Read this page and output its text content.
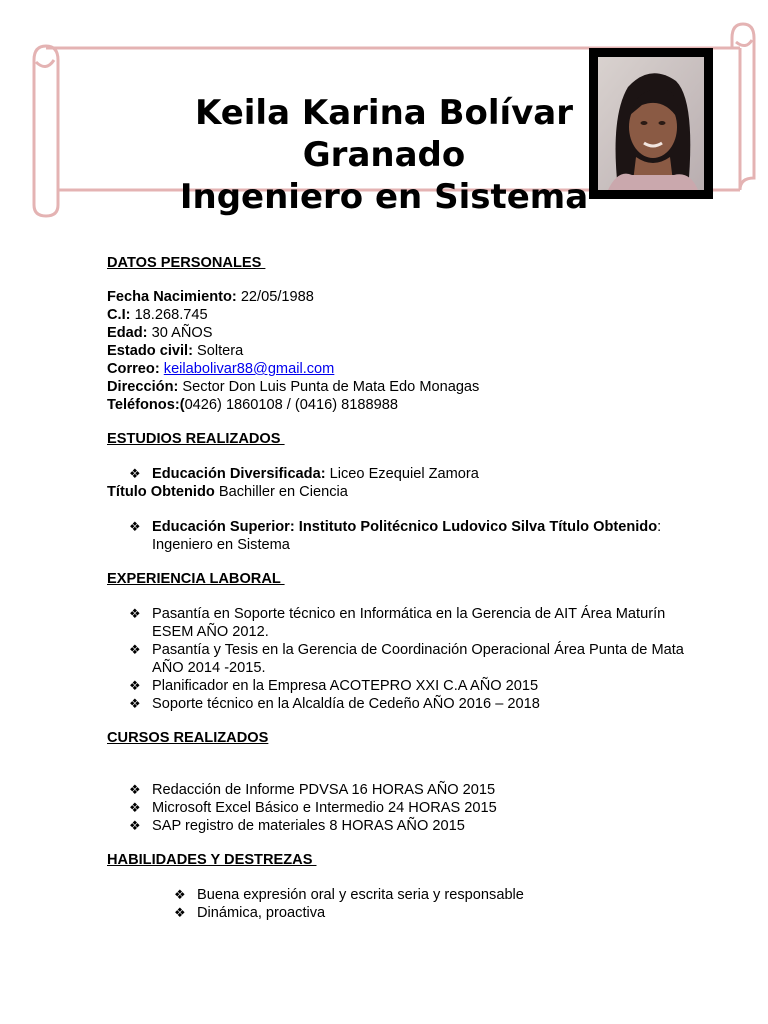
Keila Karina Bolívar
Granado
Ingeniero en Sistema
DATOS PERSONALES
Fecha Nacimiento: 22/05/1988
C.I: 18.268.745
Edad: 30 AÑOS
Estado civil: Soltera
Correo: keilabolivar88@gmail.com
Dirección: Sector Don Luis Punta de Mata Edo Monagas
Teléfonos:(0426) 1860108 / (0416) 8188988
ESTUDIOS REALIZADOS
❖ Educación Diversificada: Liceo Ezequiel Zamora
Título Obtenido Bachiller en Ciencia
❖ Educación Superior: Instituto Politécnico Ludovico Silva Título Obtenido: Ingeniero en Sistema
EXPERIENCIA LABORAL
❖ Pasantía en Soporte técnico en Informática en la Gerencia de AIT Área Maturín ESEM AÑO 2012.
❖ Pasantía y Tesis en la Gerencia de Coordinación Operacional Área Punta de Mata AÑO 2014 -2015.
❖ Planificador en la Empresa ACOTEPRO XXI C.A AÑO 2015
❖ Soporte técnico en la Alcaldía de Cedeño AÑO 2016 – 2018
CURSOS REALIZADOS
❖ Redacción de Informe PDVSA 16 HORAS AÑO 2015
❖ Microsoft Excel Básico e Intermedio 24 HORAS 2015
❖ SAP registro de materiales 8 HORAS AÑO 2015
HABILIDADES Y DESTREZAS
❖ Buena expresión oral y escrita seria y responsable
❖ Dinámica, proactiva
